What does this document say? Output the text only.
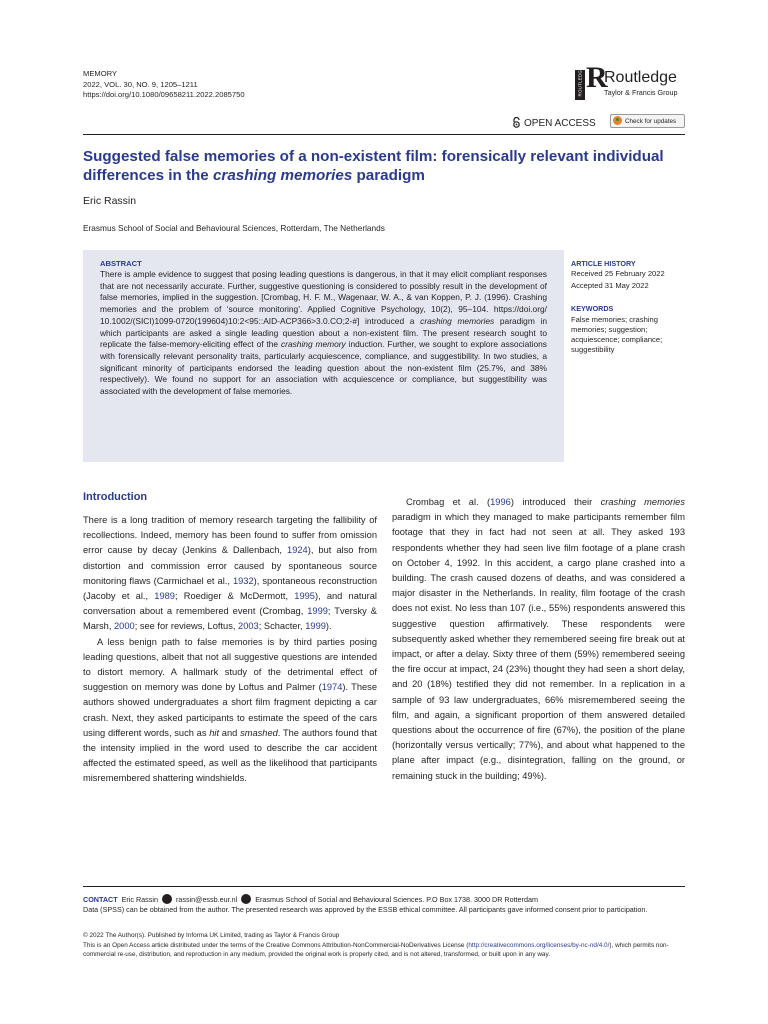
MEMORY
2022, VOL. 30, NO. 9, 1205–1211
https://doi.org/10.1080/09658211.2022.2085750	ROUTLEDGE R
Routledge
Taylor & Francis Group
OPEN ACCESS	Check for updates
Suggested false memories of a non-existent film: forensically relevant individual differences in the crashing memories paradigm
Eric Rassin
Erasmus School of Social and Behavioural Sciences, Rotterdam, The Netherlands
ABSTRACT
There is ample evidence to suggest that posing leading questions is dangerous, in that it may elicit compliant responses that are not necessarily accurate. Further, suggestive questioning is considered to possibly result in the development of false memories, implied in the suggestion. [Crombag, H. F. M., Wagenaar, W. A., & van Koppen, P. J. (1996). Crashing memories and the problem of ‘source monitoring’. Applied Cognitive Psychology, 10(2), 95–104. https://doi.org/ 10.1002/(SICI)1099-0720(199604)10:2<95::AID-ACP366>3.0.CO;2-#] introduced a crashing memories paradigm in which participants are asked a single leading question about a non-existent film. The present research sought to replicate the false-memory-eliciting effect of the crashing memory induction. Further, we sought to explore associations with forensically relevant personality traits, particularly acquiescence, compliance, and suggestibility. In two studies, a significant minority of participants endorsed the leading question about the non-existent film (25.7%, and 38% respectively). We found no support for an association with acquiescence or compliance, but suggestibility was associated with the development of false memories.
ARTICLE HISTORY
Received 25 February 2022
Accepted 31 May 2022
KEYWORDS
False memories; crashing memories; suggestion; acquiescence; compliance; suggestibility
Introduction

There is a long tradition of memory research targeting the fallibility of recollections. Indeed, memory has been found to suffer from omission error cause by decay (Jenkins & Dallenbach, 1924), but also from distortion and commission error caused by spontaneous source monitoring flaws (Carmichael et al., 1932), spontaneous reconstruction (Jacoby et al., 1989; Roediger & McDermott, 1995), and natural conversation about a remembered event (Crombag, 1999; Tversky & Marsh, 2000; see for reviews, Loftus, 2003; Schacter, 1999).

A less benign path to false memories is by third parties posing leading questions, albeit that not all suggestive questions are intended to distort memory. A hallmark study of the detrimental effect of suggestion on memory was done by Loftus and Palmer (1974). These authors showed undergraduates a short film fragment depicting a car crash. Next, they asked participants to estimate the speed of the cars using different words, such as hit and smashed. The authors found that the intensity implied in the word used to describe the car accident affected the estimated speed, as well as the likelihood that participants misremembered shattering windshields.

Crombag et al. (1996) introduced their crashing memories paradigm in which they managed to make participants remember film footage that they in fact had not seen at all. They asked 193 respondents whether they had seen live film footage of a plane crash on October 4, 1992. In this accident, a cargo plane crashed into a building. The crash caused dozens of deaths, and was considered a major disaster in the Netherlands. In reality, film footage of the crash does not exist. No less than 107 (i.e., 55%) respondents answered this suggestive question affirmatively. These respondents were subsequently asked whether they remembered seeing fire break out at impact, or after a delay. Sixty three of them (59%) remembered seeing the fire occur at impact, 24 (23%) thought they had seen a short delay, and 20 (18%) testified they did not remember. In a replication in a sample of 93 law undergraduates, 66% misremembered seeing the film, and again, a significant proportion of them answered detailed questions about the occurrence of fire (67%), the position of the plane (horizontally versus vertically; 77%), and about what happened to the plane after impact (e.g., disintegration, falling on the ground, or remaining stuck in the building; 49%).

CONTACT Eric Rassin	rassin@essb.eur.nl	Erasmus School of Social and Behavioural Sciences. P.O Box 1738. 3000 DR Rotterdam
Data (SPSS) can be obtained from the author. The presented research was approved by the ESSB ethical committee. All participants gave informed consent prior to participation.
© 2022 The Author(s). Published by Informa UK Limited, trading as Taylor & Francis Group
This is an Open Access article distributed under the terms of the Creative Commons Attribution-NonCommercial-NoDerivatives License (http://creativecommons.org/licenses/by-nc-nd/4.0/), which permits non-commercial re-use, distribution, and reproduction in any medium, provided the original work is properly cited, and is not altered, transformed, or built upon in any way.
